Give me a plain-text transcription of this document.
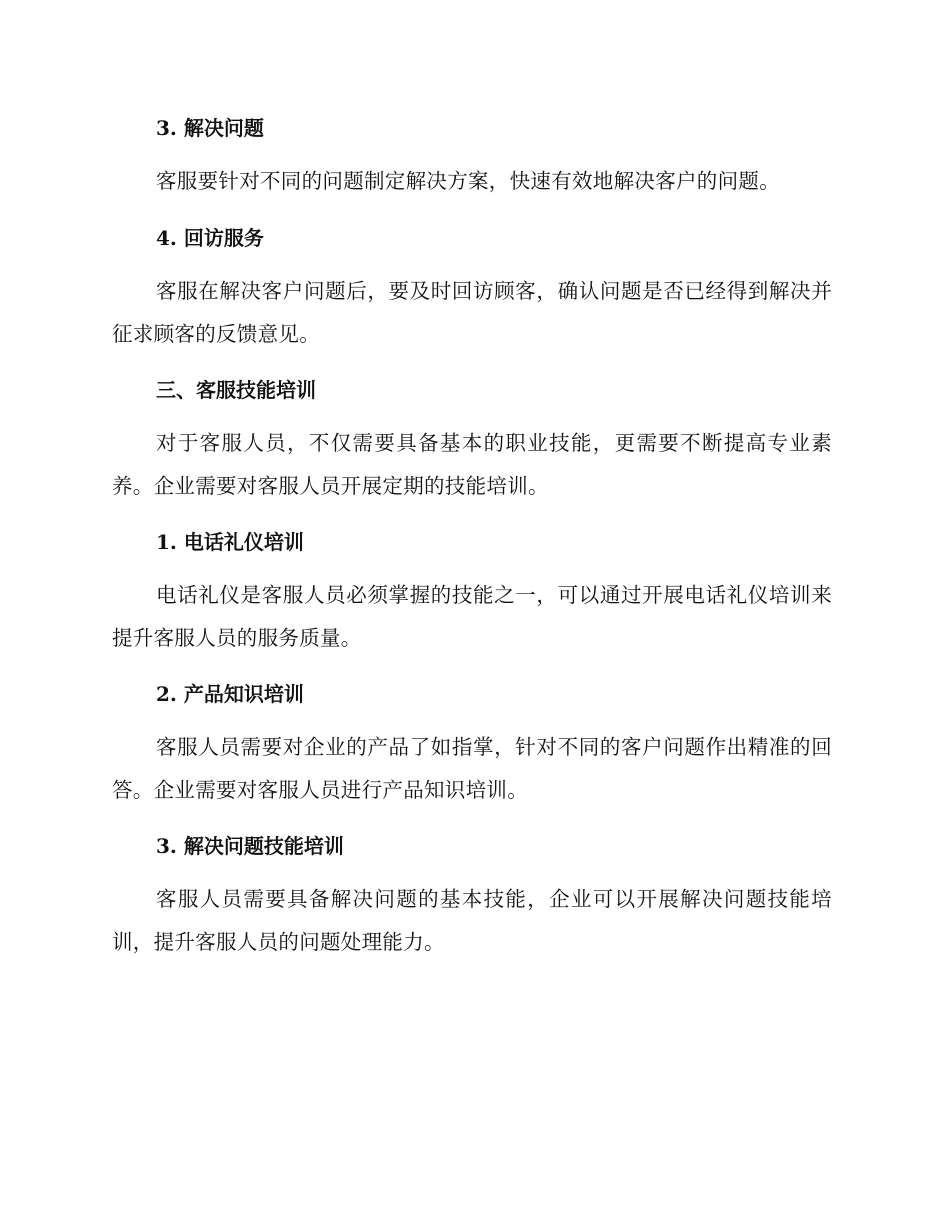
3. 解决问题

客服要针对不同的问题制定解决方案，快速有效地解决客户的问题。

4. 回访服务

客服在解决客户问题后，要及时回访顾客，确认问题是否已经得到解决并征求顾客的反馈意见。

三、客服技能培训

对于客服人员，不仅需要具备基本的职业技能，更需要不断提高专业素养。企业需要对客服人员开展定期的技能培训。

1. 电话礼仪培训

电话礼仪是客服人员必须掌握的技能之一，可以通过开展电话礼仪培训来提升客服人员的服务质量。

2. 产品知识培训

客服人员需要对企业的产品了如指掌，针对不同的客户问题作出精准的回答。企业需要对客服人员进行产品知识培训。

3. 解决问题技能培训

客服人员需要具备解决问题的基本技能，企业可以开展解决问题技能培训，提升客服人员的问题处理能力。
